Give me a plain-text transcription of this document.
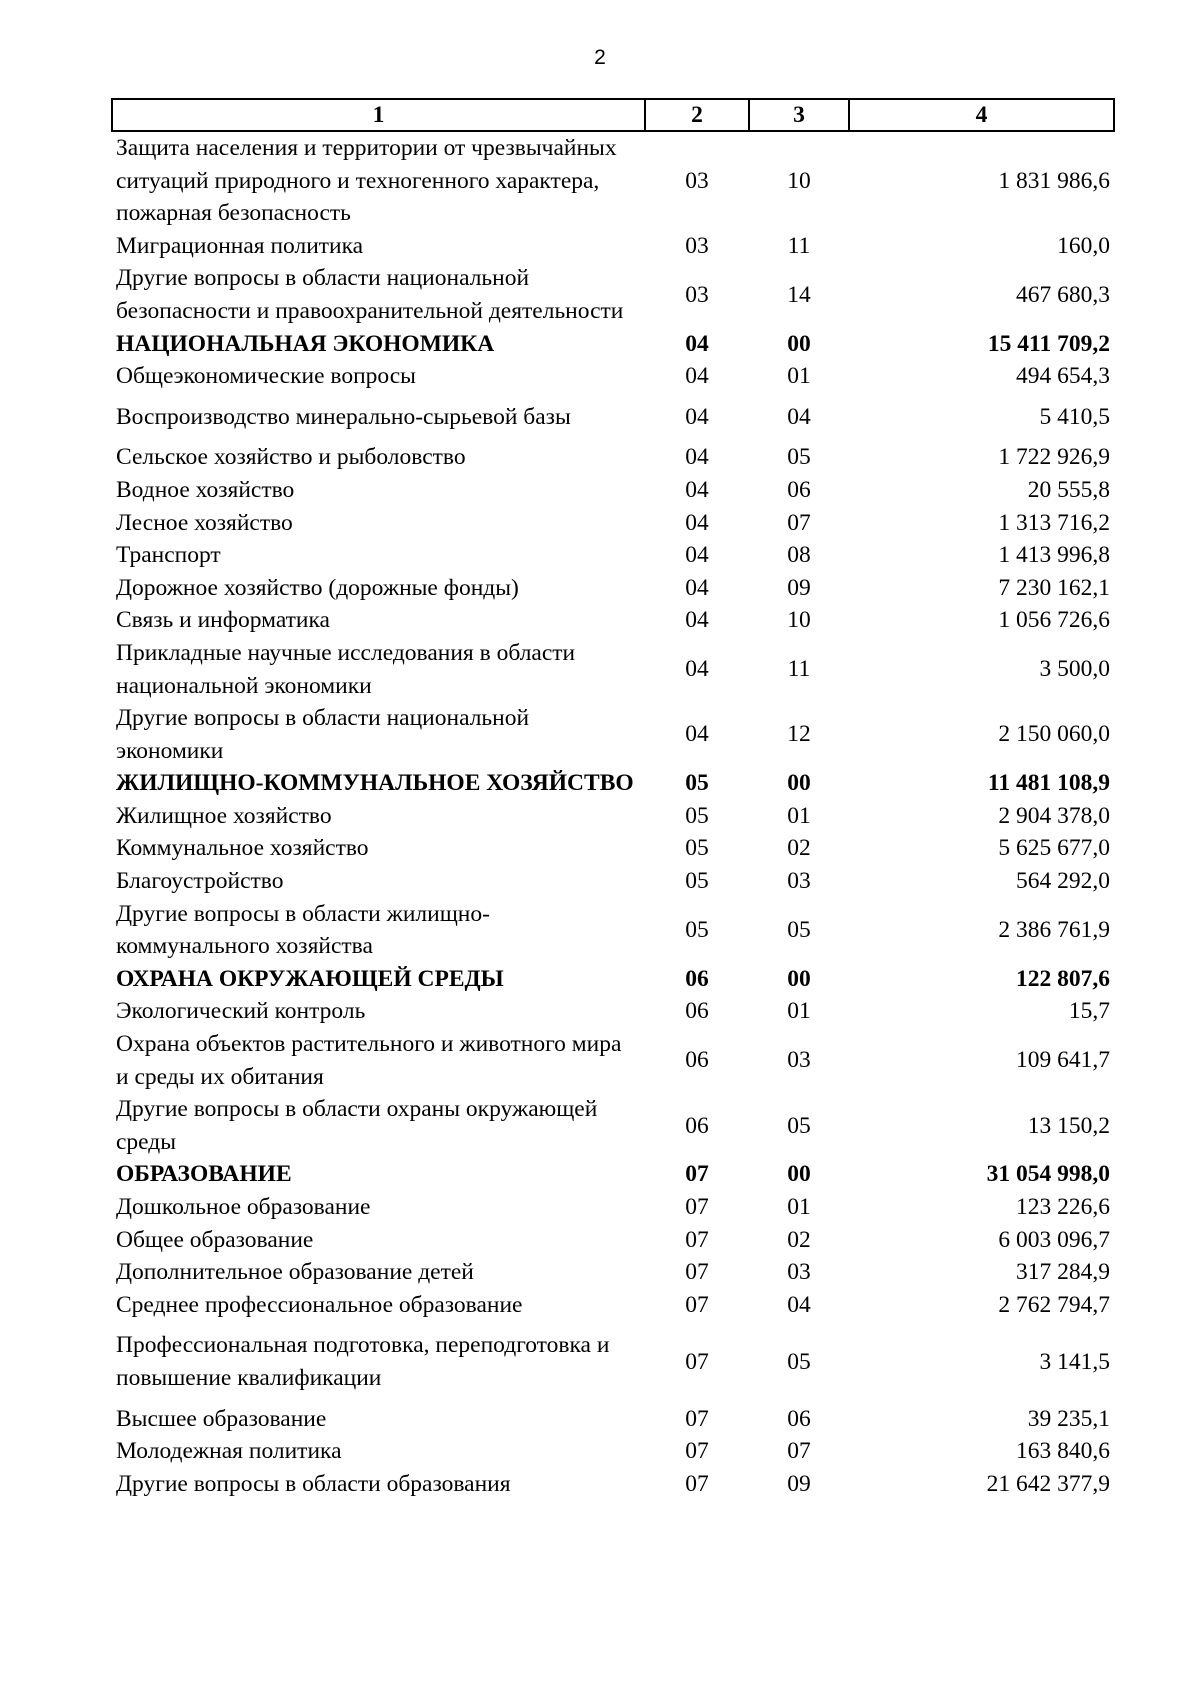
2
1	2	3	4
Защита населения и территории от чрезвычайных ситуаций природного и техногенного характера, пожарная безопасность	03	10	1 831 986,6
Миграционная политика	03	11	160,0
Другие вопросы в области национальной безопасности и правоохранительной деятельности	03	14	467 680,3
НАЦИОНАЛЬНАЯ ЭКОНОМИКА	04	00	15 411 709,2
Общеэкономические вопросы	04	01	494 654,3
Воспроизводство минерально-сырьевой базы	04	04	5 410,5
Сельское хозяйство и рыболовство	04	05	1 722 926,9
Водное хозяйство	04	06	20 555,8
Лесное хозяйство	04	07	1 313 716,2
Транспорт	04	08	1 413 996,8
Дорожное хозяйство (дорожные фонды)	04	09	7 230 162,1
Связь и информатика	04	10	1 056 726,6
Прикладные научные исследования в области национальной экономики	04	11	3 500,0
Другие вопросы в области национальной экономики	04	12	2 150 060,0
ЖИЛИЩНО-КОММУНАЛЬНОЕ ХОЗЯЙСТВО	05	00	11 481 108,9
Жилищное хозяйство	05	01	2 904 378,0
Коммунальное хозяйство	05	02	5 625 677,0
Благоустройство	05	03	564 292,0
Другие вопросы в области жилищно-коммунального хозяйства	05	05	2 386 761,9
ОХРАНА ОКРУЖАЮЩЕЙ СРЕДЫ	06	00	122 807,6
Экологический контроль	06	01	15,7
Охрана объектов растительного и животного мира и среды их обитания	06	03	109 641,7
Другие вопросы в области охраны окружающей среды	06	05	13 150,2
ОБРАЗОВАНИЕ	07	00	31 054 998,0
Дошкольное образование	07	01	123 226,6
Общее образование	07	02	6 003 096,7
Дополнительное образование детей	07	03	317 284,9
Среднее профессиональное образование	07	04	2 762 794,7
Профессиональная подготовка, переподготовка и повышение квалификации	07	05	3 141,5
Высшее образование	07	06	39 235,1
Молодежная политика	07	07	163 840,6
Другие вопросы в области образования	07	09	21 642 377,9
